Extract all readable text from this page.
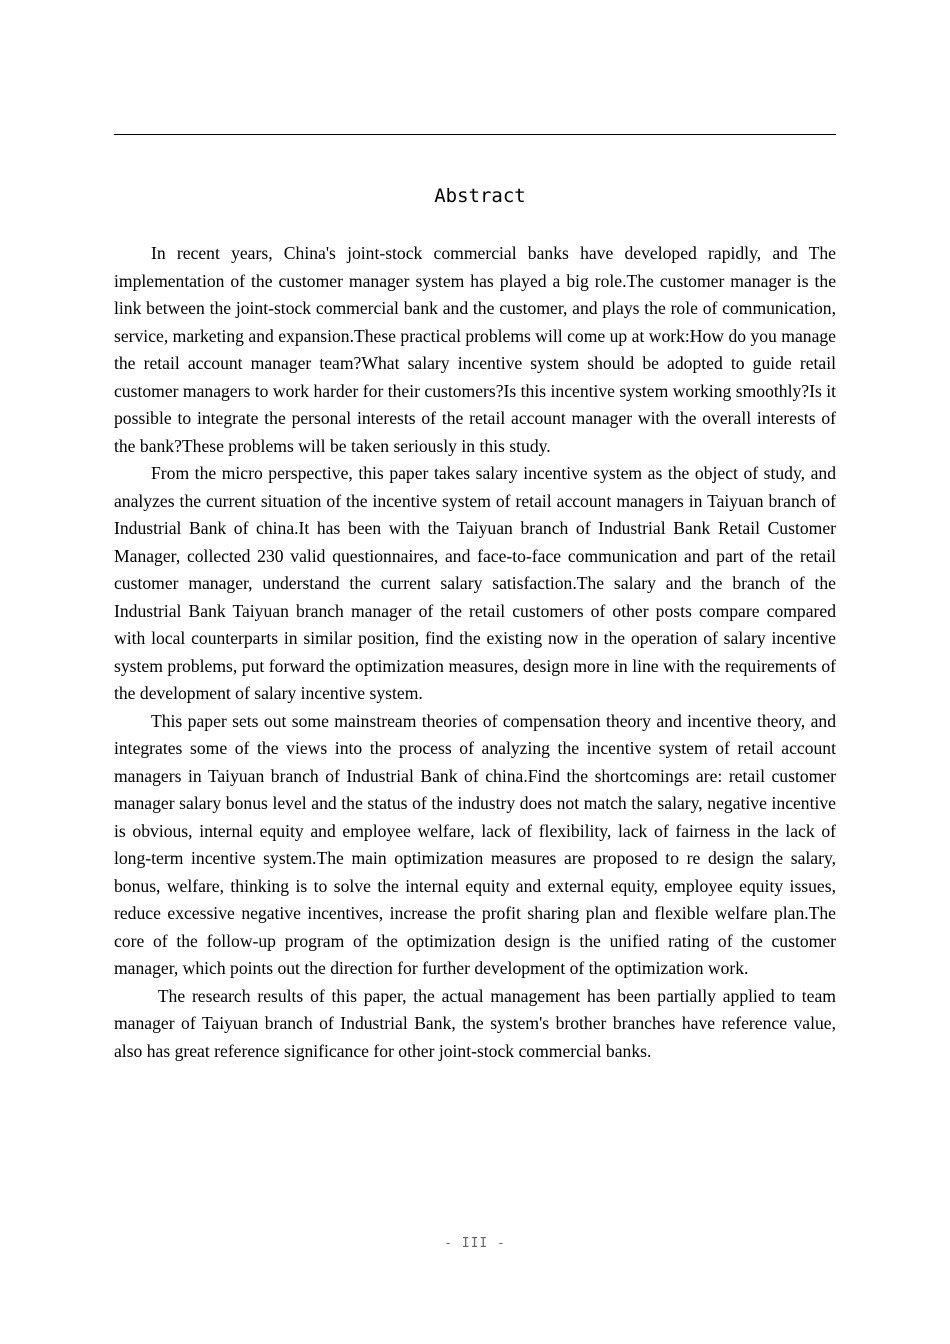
Abstract

In recent years, China's joint-stock commercial banks have developed rapidly, and The implementation of the customer manager system has played a big role.The customer manager is the link between the joint-stock commercial bank and the customer, and plays the role of communication, service, marketing and expansion.These practical problems will come up at work:How do you manage the retail account manager team?What salary incentive system should be adopted to guide retail customer managers to work harder for their customers?Is this incentive system working smoothly?Is it possible to integrate the personal interests of the retail account manager with the overall interests of the bank?These problems will be taken seriously in this study.

From the micro perspective, this paper takes salary incentive system as the object of study, and analyzes the current situation of the incentive system of retail account managers in Taiyuan branch of Industrial Bank of china.It has been with the Taiyuan branch of Industrial Bank Retail Customer Manager, collected 230 valid questionnaires, and face-to-face communication and part of the retail customer manager, understand the current salary satisfaction.The salary and the branch of the Industrial Bank Taiyuan branch manager of the retail customers of other posts compare compared with local counterparts in similar position, find the existing now in the operation of salary incentive system problems, put forward the optimization measures, design more in line with the requirements of the development of salary incentive system.

This paper sets out some mainstream theories of compensation theory and incentive theory, and integrates some of the views into the process of analyzing the incentive system of retail account managers in Taiyuan branch of Industrial Bank of china.Find the shortcomings are: retail customer manager salary bonus level and the status of the industry does not match the salary, negative incentive is obvious, internal equity and employee welfare, lack of flexibility, lack of fairness in the lack of long-term incentive system.The main optimization measures are proposed to re design the salary, bonus, welfare, thinking is to solve the internal equity and external equity, employee equity issues, reduce excessive negative incentives, increase the profit sharing plan and flexible welfare plan.The core of the follow-up program of the optimization design is the unified rating of the customer manager, which points out the direction for further development of the optimization work.

The research results of this paper, the actual management has been partially applied to team manager of Taiyuan branch of Industrial Bank, the system's brother branches have reference value, also has great reference significance for other joint-stock commercial banks.

- III -
